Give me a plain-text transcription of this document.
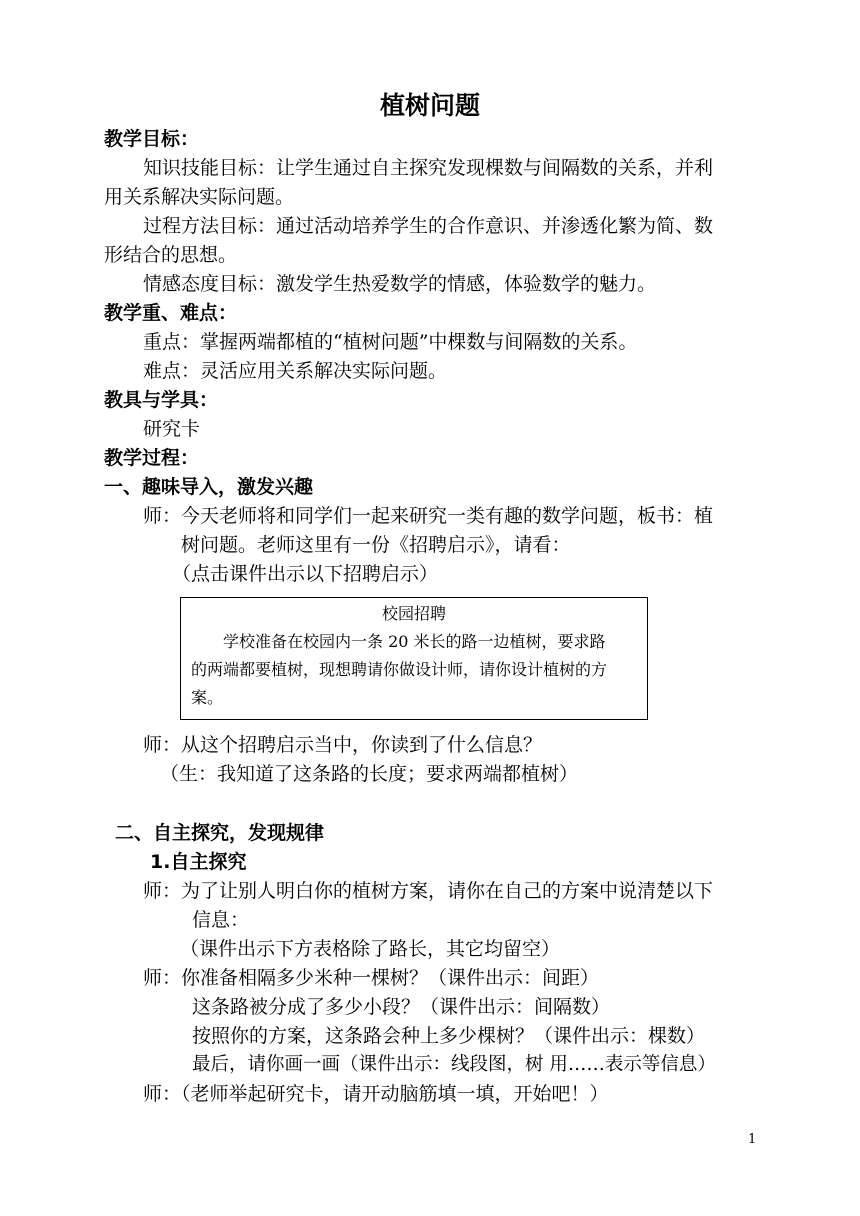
植树问题
教学目标：
知识技能目标：让学生通过自主探究发现棵数与间隔数的关系，并利
用关系解决实际问题。
过程方法目标：通过活动培养学生的合作意识、并渗透化繁为简、数
形结合的思想。
情感态度目标：激发学生热爱数学的情感，体验数学的魅力。
教学重、难点：
重点：掌握两端都植的“植树问题”中棵数与间隔数的关系。
难点：灵活应用关系解决实际问题。
教具与学具：
研究卡
教学过程：
一、趣味导入，激发兴趣
师：今天老师将和同学们一起来研究一类有趣的数学问题，板书：植
树问题。老师这里有一份《招聘启示》，请看：
（点击课件出示以下招聘启示）
校园招聘
学校准备在校园内一条 20 米长的路一边植树，要求路
的两端都要植树，现想聘请你做设计师，请你设计植树的方
案。
师：从这个招聘启示当中，你读到了什么信息？
（生：我知道了这条路的长度；要求两端都植树）
二、自主探究，发现规律
1.自主探究
师：为了让别人明白你的植树方案，请你在自己的方案中说清楚以下
信息：
（课件出示下方表格除了路长，其它均留空）
师：你准备相隔多少米种一棵树？（课件出示：间距）
这条路被分成了多少小段？（课件出示：间隔数）
按照你的方案，这条路会种上多少棵树？（课件出示：棵数）
最后，请你画一画（课件出示：线段图，树 用……表示等信息）
师：（老师举起研究卡，请开动脑筋填一填，开始吧！）
1
